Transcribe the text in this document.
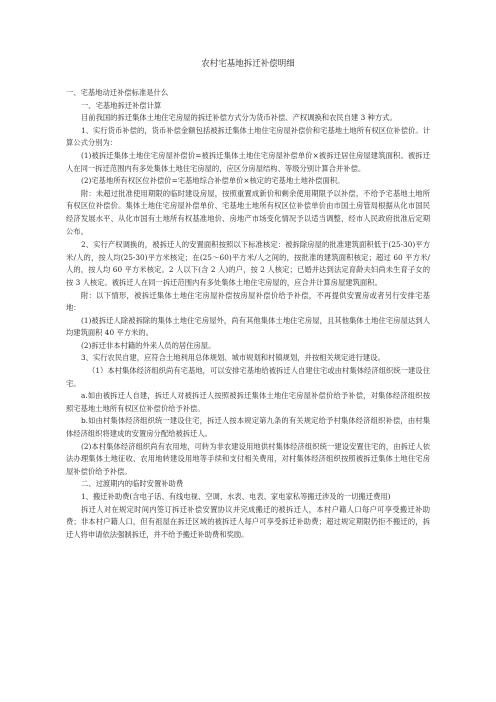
农村宅基地拆迁补偿明细

一、宅基地动迁补偿标准是什么

一、宅基地拆迁补偿计算

目前我国的拆迁集体土地住宅房屋的拆迁补偿方式分为货币补偿、产权调换和农民自建 3 种方式。

1、实行货币补偿的，货币补偿金额包括被拆迁集体土地住宅房屋补偿价和宅基地土地所有权区位补偿价。计算公式分别为：

(1)被拆迁集体土地住宅房屋补偿价=被拆迁集体土地住宅房屋补偿单价×被拆迁居住房屋建筑面积。被拆迁人在同一拆迁范围内有多处集体土地住宅房屋的，应区分房屋结构、等级分别计算合并补偿。

(2)宅基地所有权区位补偿价=宅基地综合补偿单价×核定的宅基地土地补偿面积。

附：未超过批准使用期限的临时建设房屋，按照重置成新价和剩余使用期限予以补偿，不给予宅基地土地所有权区位补偿价。集体土地住宅房屋补偿单价、宅基地土地所有权区位补偿单价由市国土房管局根据从化市国民经济发展水平、从化市国有土地所有权基准地价、房地产市场变化情况予以适当调整，经市人民政府批准后定期公布。

2、实行产权调换的，被拆迁人的安置面积按照以下标准核定：被拆除房屋的批准建筑面积低于(25-30)平方米/人的，按人均(25-30)平方米核定；在(25～60)平方米/人之间的，按批准的建筑面积核定；超过 60 平方米/人的，按人均 60 平方米核定。2 人以下(含 2 人)的户，按 2 人核定；已婚并达到法定育龄夫妇尚未生育子女的按 3 人核定。被拆迁人在同一拆迁范围内有多处集体土地住宅房屋的，应合并计算房屋建筑面积。

附：以下情形，被拆迁集体土地住宅房屋补偿按房屋补偿价给予补偿，不再提供安置房或者另行安排宅基地：

(1)被拆迁人除被拆除的集体土地住宅房屋外，尚有其他集体土地住宅房屋，且其他集体土地住宅房屋达到人均建筑面积 40 平方米的。

(2)拆迁非本村籍的外来人员的居住房屋。

3、实行农民自建，应符合土地利用总体规划、城市规划和村镇规划，并按相关规定进行建设。

（1）本村集体经济组织尚有宅基地，可以安排宅基地给被拆迁人自建住宅或由村集体经济组织统一建设住宅。

a.如由被拆迁人自建，拆迁人对被拆迁人按照被拆迁集体土地住宅房屋补偿价给予补偿，对集体经济组织按照宅基地土地所有权区位补偿价给予补偿。

b.如由村集体经济组织统一建设住宅，拆迁人按本规定第九条的有关规定给予村集体经济组织补偿，由村集体经济组织将建成的安置房分配给被拆迁人。

(2)本村集体经济组织尚有农用地，可转为非农建设用地供村集体经济组织统一建设安置住宅的，由拆迁人依法办理集体土地征收、农用地转建设用地等手续和支付相关费用，对村集体经济组织按照被拆迁集体土地住宅房屋补偿价给予补偿。

二、过渡期内的临时安置补助费

1、搬迁补助费(含电子话、有线电视、空调、水表、电表、家电家私等搬迁涉及的一切搬迁费用)

拆迁人对在规定时间内签订拆迁补偿安置协议并完成搬迁的被拆迁人，本村户籍人口每户可享受搬迁补助费；非本村户籍人口，但有祖屋在拆迁区域的被拆迁人每户可享受拆迁补助费；超过规定期限仍拒不搬迁的，拆迁人将申请依法强制拆迁，并不给予搬迁补助费和奖励。
